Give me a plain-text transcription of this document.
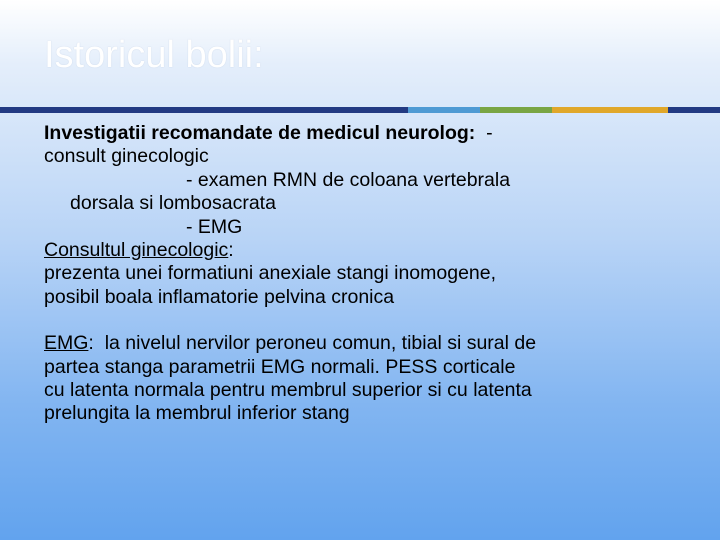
Istoricul bolii:
Investigatii recomandate de medicul neurolog: -
consult ginecologic
- examen RMN de coloana vertebrala
dorsala si lombosacrata
- EMG
Consultul ginecologic:
prezenta unei formatiuni anexiale stangi inomogene,
posibil boala inflamatorie pelvina cronica
EMG: la nivelul nervilor peroneu comun, tibial si sural de
partea stanga parametrii EMG normali. PESS corticale
cu latenta normala pentru membrul superior si cu latenta
prelungita la membrul inferior stang
